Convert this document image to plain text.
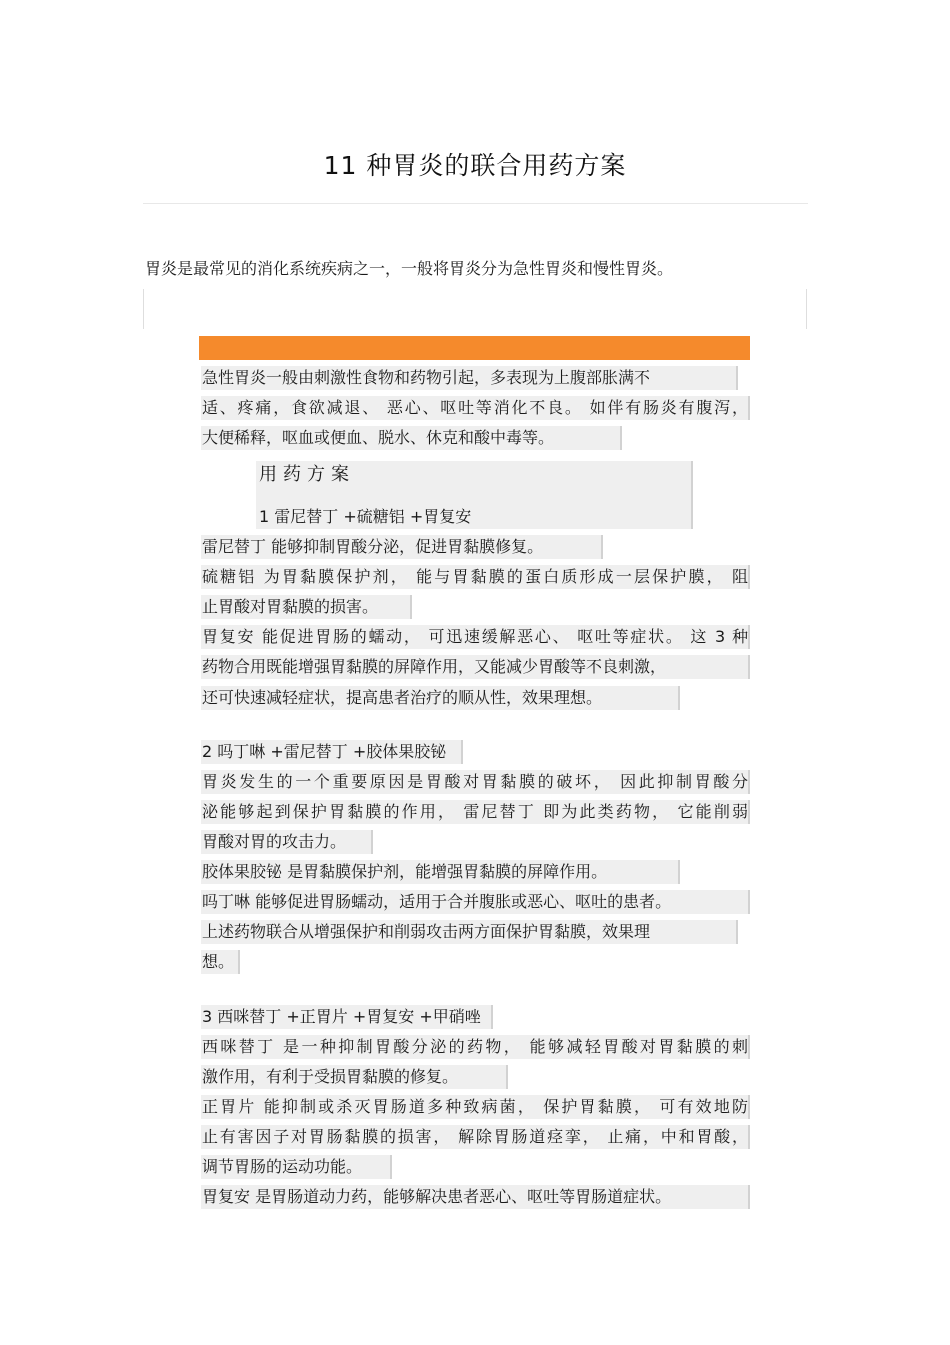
11 种胃炎的联合用药方案
胃炎是最常见的消化系统疾病之一，一般将胃炎分为急性胃炎和慢性胃炎。
急性胃炎一般由刺激性食物和药物引起，多表现为上腹部胀满不
适、疼痛，食欲减退、 恶心、呕吐等消化不良。 如伴有肠炎有腹泻，
大便稀释，呕血或便血、脱水、休克和酸中毒等。
用药方案
1 雷尼替丁 +硫糖铝 +胃复安
雷尼替丁 能够抑制胃酸分泌，促进胃黏膜修复。
硫糖铝 为胃黏膜保护剂， 能与胃黏膜的蛋白质形成一层保护膜， 阻
止胃酸对胃黏膜的损害。
胃复安 能促进胃肠的蠕动， 可迅速缓解恶心、 呕吐等症状。 这 3 种
药物合用既能增强胃黏膜的屏障作用，又能减少胃酸等不良刺激，
还可快速减轻症状，提高患者治疗的顺从性，效果理想。
2 吗丁啉 +雷尼替丁 +胶体果胶铋
胃炎发生的一个重要原因是胃酸对胃黏膜的破坏， 因此抑制胃酸分
泌能够起到保护胃黏膜的作用， 雷尼替丁 即为此类药物， 它能削弱
胃酸对胃的攻击力。
胶体果胶铋 是胃黏膜保护剂，能增强胃黏膜的屏障作用。
吗丁啉 能够促进胃肠蠕动，适用于合并腹胀或恶心、呕吐的患者。
上述药物联合从增强保护和削弱攻击两方面保护胃黏膜，效果理
想。
3 西咪替丁 +正胃片 +胃复安 +甲硝唑
西咪替丁 是一种抑制胃酸分泌的药物， 能够减轻胃酸对胃黏膜的刺
激作用，有利于受损胃黏膜的修复。
正胃片 能抑制或杀灭胃肠道多种致病菌， 保护胃黏膜， 可有效地防
止有害因子对胃肠黏膜的损害， 解除胃肠道痉挛， 止痛，中和胃酸，
调节胃肠的运动功能。
胃复安 是胃肠道动力药，能够解决患者恶心、呕吐等胃肠道症状。
